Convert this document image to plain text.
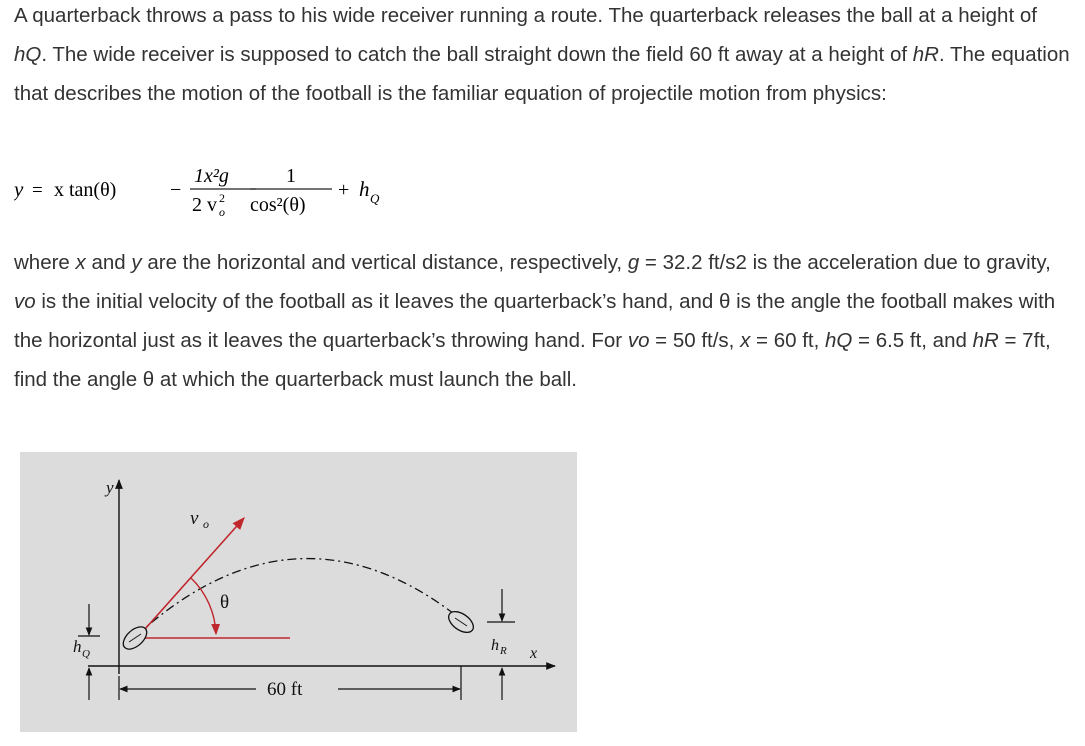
A quarterback throws a pass to his wide receiver running a route. The quarterback releases the ball at a height of hQ. The wide receiver is supposed to catch the ball straight down the field 60 ft away at a height of hR. The equation that describes the motion of the football is the familiar equation of projectile motion from physics:

y = x tan(θ)	−
1x²g
2 v 2
o
1
cos²(θ)
+ h Q

where x and y are the horizontal and vertical distance, respectively, g = 32.2 ft/s2 is the acceleration due to gravity, vo is the initial velocity of the football as it leaves the quarterback’s hand, and θ is the angle the football makes with the horizontal just as it leaves the quarterback’s throwing hand. For vo = 50 ft/s, x = 60 ft, hQ = 6.5 ft, and hR = 7ft, find the angle θ at which the quarterback must launch the ball.

y
x
v o
θ
h Q	h R
60 ft
